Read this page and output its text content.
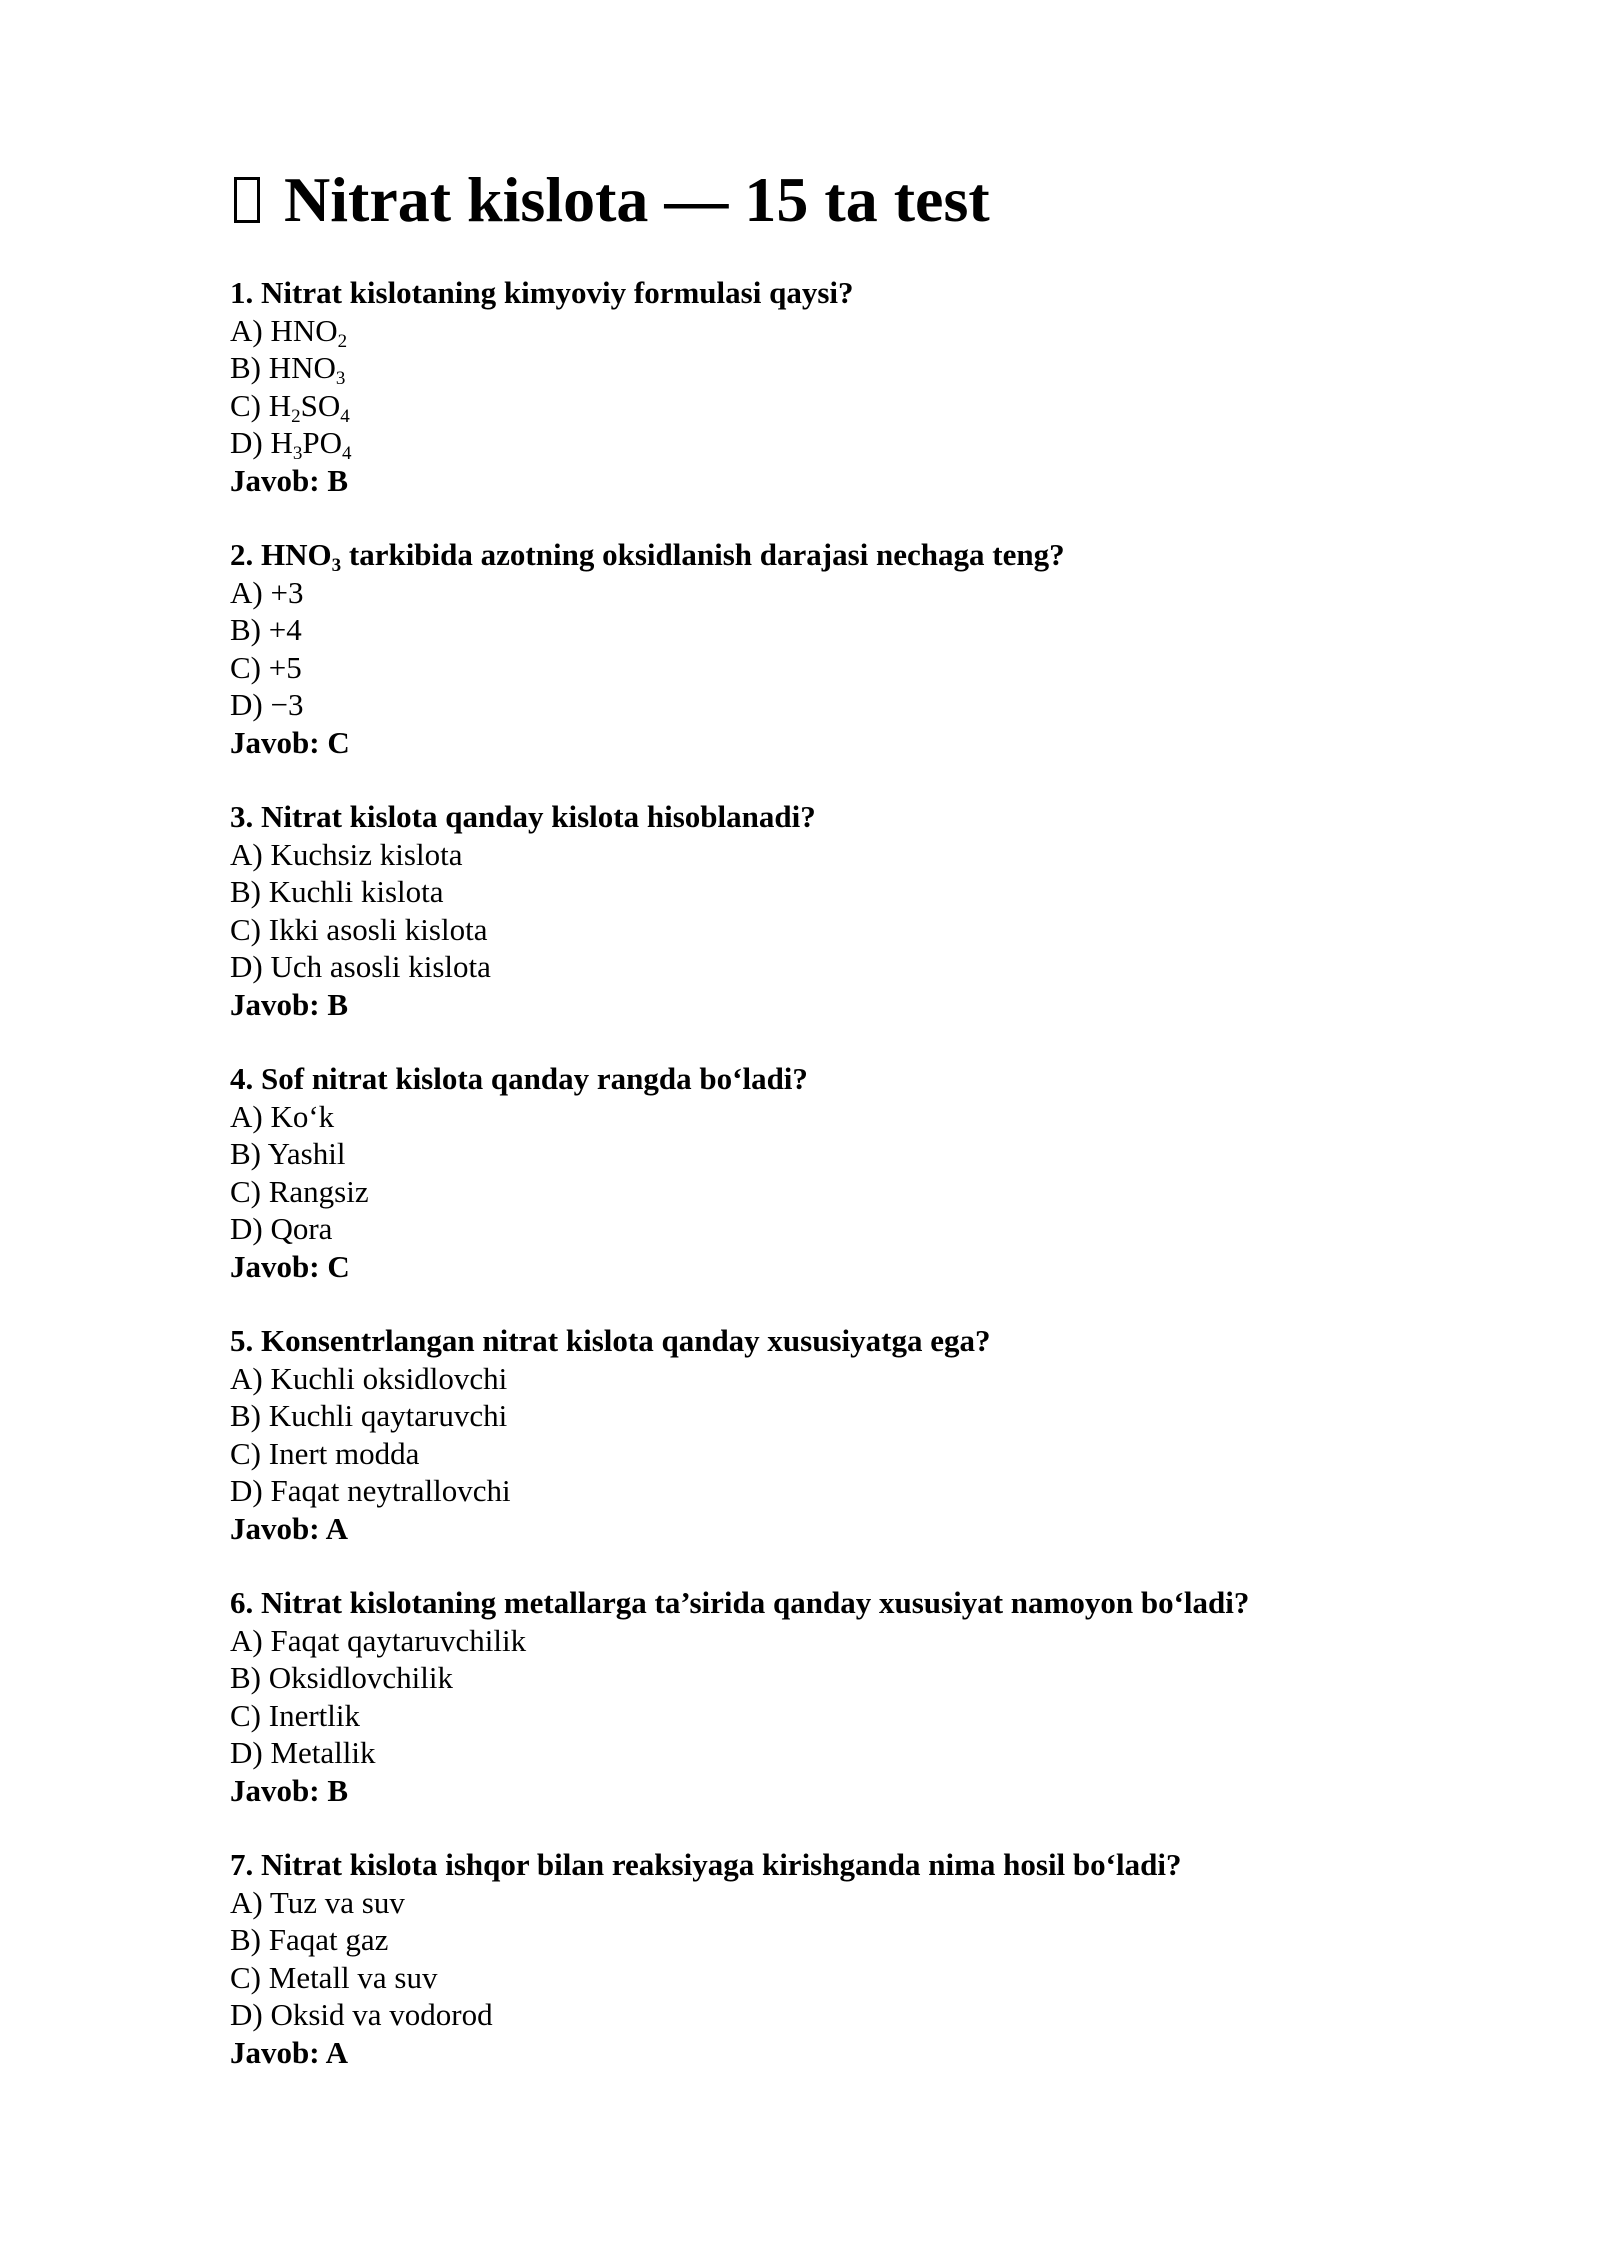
Nitrat kislota — 15 ta test
1. Nitrat kislotaning kimyoviy formulasi qaysi?
A) $HNO_2$
B) $HNO_3$
C) $H_2SO_4$
D) $H_3PO_4$
Javob: B
2. $HNO_3$ tarkibida azotning oksidlanish darajasi nechaga teng?
A) +3
B) +4
C) +5
D) −3
Javob: C
3. Nitrat kislota qanday kislota hisoblanadi?
A) Kuchsiz kislota
B) Kuchli kislota
C) Ikki asosli kislota
D) Uch asosli kislota
Javob: B
4. Sof nitrat kislota qanday rangda bo‘ladi?
A) Ko‘k
B) Yashil
C) Rangsiz
D) Qora
Javob: C
5. Konsentrlangan nitrat kislota qanday xususiyatga ega?
A) Kuchli oksidlovchi
B) Kuchli qaytaruvchi
C) Inert modda
D) Faqat neytrallovchi
Javob: A
6. Nitrat kislotaning metallarga ta’sirida qanday xususiyat namoyon bo‘ladi?
A) Faqat qaytaruvchilik
B) Oksidlovchilik
C) Inertlik
D) Metallik
Javob: B
7. Nitrat kislota ishqor bilan reaksiyaga kirishganda nima hosil bo‘ladi?
A) Tuz va suv
B) Faqat gaz
C) Metall va suv
D) Oksid va vodorod
Javob: A
